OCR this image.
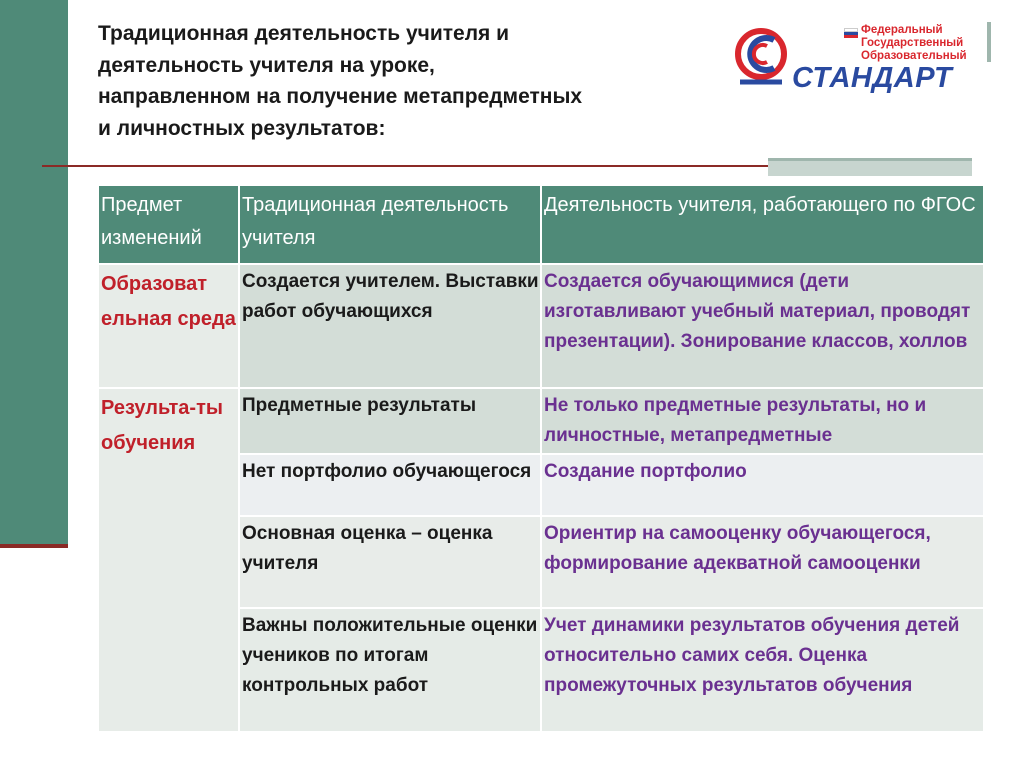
Традиционная деятельность учителя и
деятельность учителя на уроке,
направленном на получение метапредметных
и личностных результатов:
Федеральный
Государственный
Образовательный
СТАНДАРТ
Предмет изменений	Традиционная деятельность учителя	Деятельность учителя, работающего по ФГОС
Образоват ельная среда	Создается учителем. Выставки работ обучающихся	Создается обучающимися (дети изготавливают учебный материал, проводят презентации). Зонирование классов, холлов
Результа-ты обучения	Предметные результаты	Не только предметные результаты, но и личностные, метапредметные
	Нет портфолио обучающегося	Создание портфолио
	Основная оценка – оценка учителя	Ориентир на самооценку обучающегося, формирование адекватной самооценки
	Важны положительные оценки учеников по итогам контрольных работ	Учет динамики результатов обучения детей относительно самих себя. Оценка промежуточных результатов обучения
